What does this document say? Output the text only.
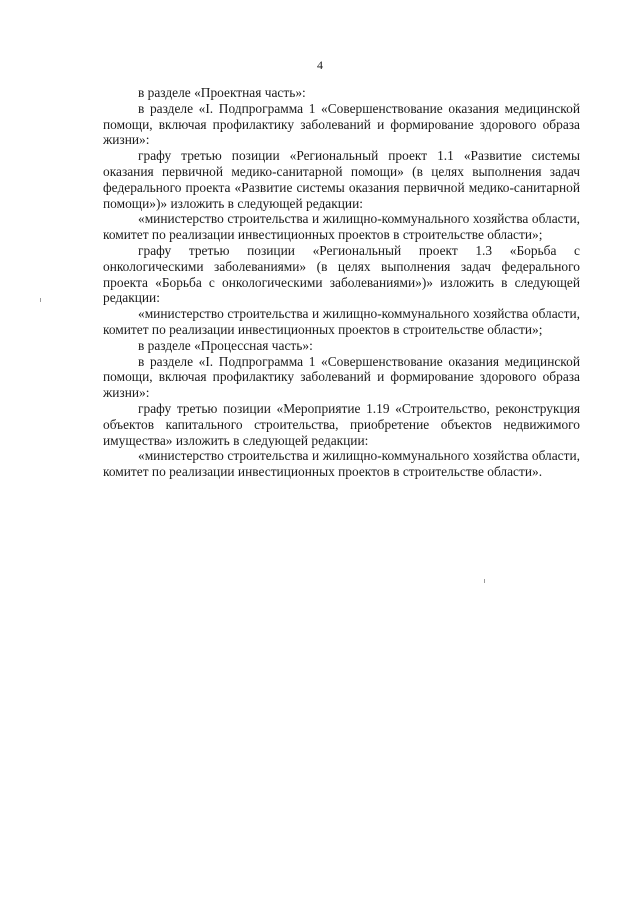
4

в разделе «Проектная часть»:

в разделе «I. Подпрограмма 1 «Совершенствование оказания медицинской помощи, включая профилактику заболеваний и формирование здорового образа жизни»:

графу третью позиции «Региональный проект 1.1 «Развитие системы оказания первичной медико-санитарной помощи» (в целях выполнения задач федерального проекта «Развитие системы оказания первичной медико-санитарной помощи»)» изложить в следующей редакции:

«министерство строительства и жилищно-коммунального хозяйства области, комитет по реализации инвестиционных проектов в строительстве области»;

графу третью позиции «Региональный проект 1.3 «Борьба с онкологическими заболеваниями» (в целях выполнения задач федерального проекта «Борьба с онкологическими заболеваниями»)» изложить в следующей редакции:

«министерство строительства и жилищно-коммунального хозяйства области, комитет по реализации инвестиционных проектов в строительстве области»;

в разделе «Процессная часть»:

в разделе «I. Подпрограмма 1 «Совершенствование оказания медицинской помощи, включая профилактику заболеваний и формирование здорового образа жизни»:

графу третью позиции «Мероприятие 1.19 «Строительство, реконструкция объектов капитального строительства, приобретение объектов недвижимого имущества» изложить в следующей редакции:

«министерство строительства и жилищно-коммунального хозяйства области, комитет по реализации инвестиционных проектов в строительстве области».
